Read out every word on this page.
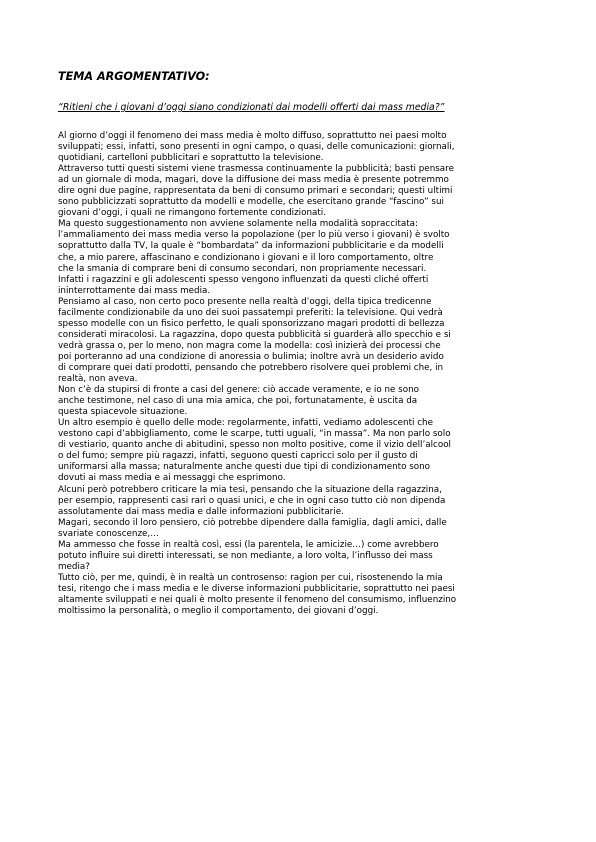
TEMA ARGOMENTATIVO:
“Ritieni che i giovani d’oggi siano condizionati dai modelli offerti dai mass media?”
Al giorno d’oggi il fenomeno dei mass media è molto diffuso, soprattutto nei paesi molto
sviluppati; essi, infatti, sono presenti in ogni campo, o quasi, delle comunicazioni: giornali,
quotidiani, cartelloni pubblicitari e soprattutto la televisione.
Attraverso tutti questi sistemi viene trasmessa continuamente la pubblicità; basti pensare
ad un giornale di moda, magari, dove la diffusione dei mass media è presente potremmo
dire ogni due pagine, rappresentata da beni di consumo primari e secondari; questi ultimi
sono pubblicizzati soprattutto da modelli e modelle, che esercitano grande “fascino” sui
giovani d’oggi, i quali ne rimangono fortemente condizionati.
Ma questo suggestionamento non avviene solamente nella modalità sopraccitata:
l’ammaliamento dei mass media verso la popolazione (per lo più verso i giovani) è svolto
soprattutto dalla TV, la quale è “bombardata” da informazioni pubblicitarie e da modelli
che, a mio parere, affascinano e condizionano i giovani e il loro comportamento, oltre
che la smania di comprare beni di consumo secondari, non propriamente necessari.
Infatti i ragazzini e gli adolescenti spesso vengono influenzati da questi cliché offerti
ininterrottamente dai mass media.
Pensiamo al caso, non certo poco presente nella realtà d’oggi, della tipica tredicenne
facilmente condizionabile da uno dei suoi passatempi preferiti: la televisione. Qui vedrà
spesso modelle con un fisico perfetto, le quali sponsorizzano magari prodotti di bellezza
considerati miracolosi. La ragazzina, dopo questa pubblicità si guarderà allo specchio e si
vedrà grassa o, per lo meno, non magra come la modella: così inizierà dei processi che
poi porteranno ad una condizione di anoressia o bulimia; inoltre avrà un desiderio avido
di comprare quei dati prodotti, pensando che potrebbero risolvere quei problemi che, in
realtà, non aveva.
Non c’è da stupirsi di fronte a casi del genere: ciò accade veramente, e io ne sono
anche testimone, nel caso di una mia amica, che poi, fortunatamente, è uscita da
questa spiacevole situazione.
Un altro esempio è quello delle mode: regolarmente, infatti, vediamo adolescenti che
vestono capi d’abbigliamento, come le scarpe, tutti uguali, “in massa”. Ma non parlo solo
di vestiario, quanto anche di abitudini, spesso non molto positive, come il vizio dell’alcool
o del fumo; sempre più ragazzi, infatti, seguono questi capricci solo per il gusto di
uniformarsi alla massa; naturalmente anche questi due tipi di condizionamento sono
dovuti ai mass media e ai messaggi che esprimono.
Alcuni però potrebbero criticare la mia tesi, pensando che la situazione della ragazzina,
per esempio, rappresenti casi rari o quasi unici, e che in ogni caso tutto ciò non dipenda
assolutamente dai mass media e dalle informazioni pubblicitarie.
Magari, secondo il loro pensiero, ciò potrebbe dipendere dalla famiglia, dagli amici, dalle
svariate conoscenze,…
Ma ammesso che fosse in realtà così, essi (la parentela, le amicizie…) come avrebbero
potuto influire sui diretti interessati, se non mediante, a loro volta, l’influsso dei mass
media?
Tutto ciò, per me, quindi, è in realtà un controsenso: ragion per cui, risostenendo la mia
tesi, ritengo che i mass media e le diverse informazioni pubblicitarie, soprattutto nei paesi
altamente sviluppati e nei quali è molto presente il fenomeno del consumismo, influenzino
moltissimo la personalità, o meglio il comportamento, dei giovani d’oggi.
